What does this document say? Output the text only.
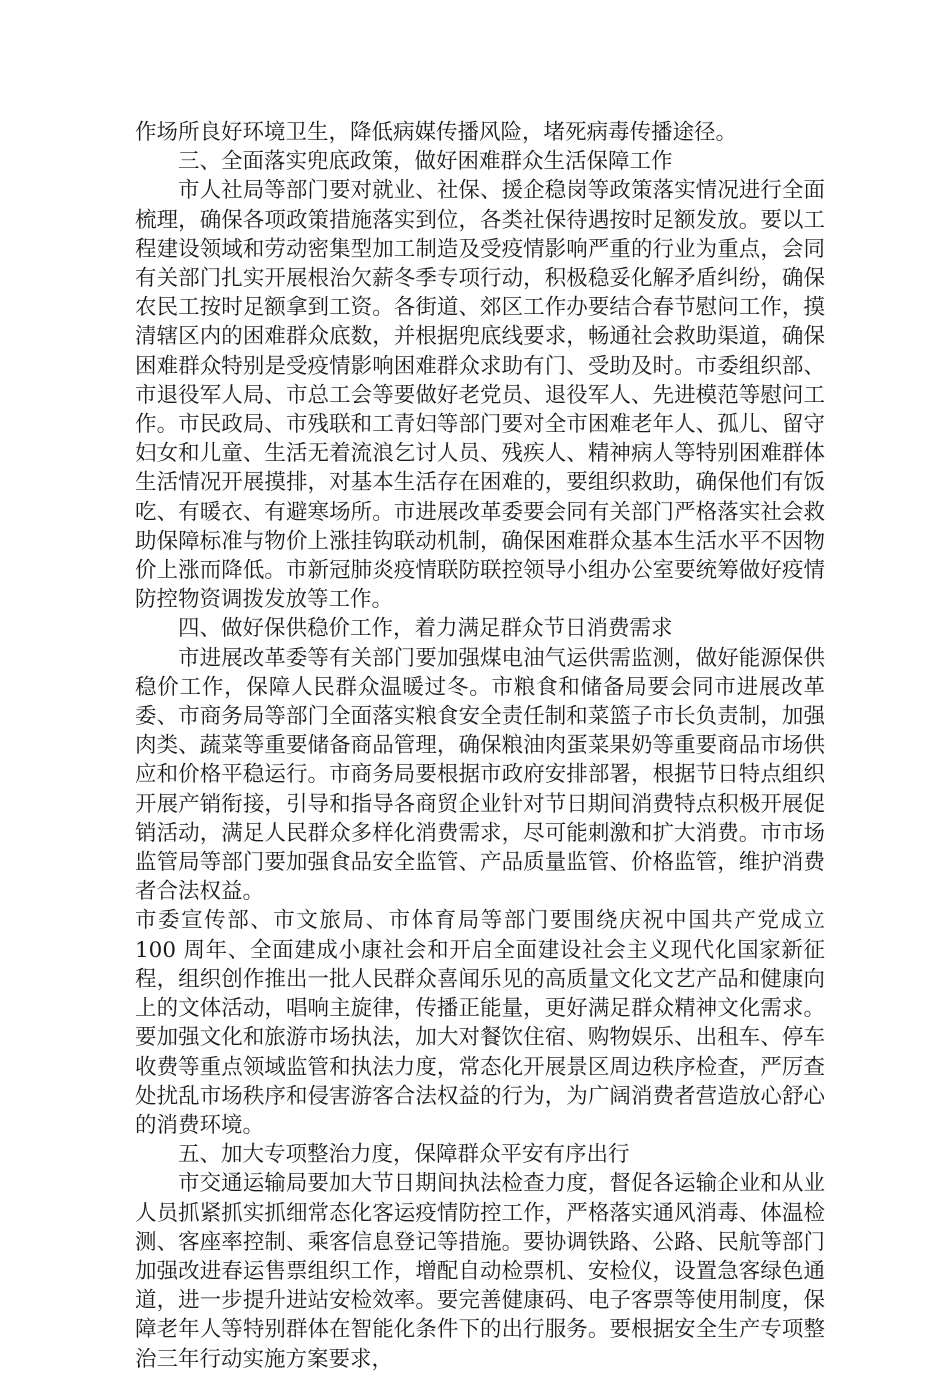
作场所良好环境卫生，降低病媒传播风险，堵死病毒传播途径。

三、全面落实兜底政策，做好困难群众生活保障工作

市人社局等部门要对就业、社保、援企稳岗等政策落实情况进行全面梳理，确保各项政策措施落实到位，各类社保待遇按时足额发放。要以工程建设领域和劳动密集型加工制造及受疫情影响严重的行业为重点，会同有关部门扎实开展根治欠薪冬季专项行动，积极稳妥化解矛盾纠纷，确保农民工按时足额拿到工资。各街道、郊区工作办要结合春节慰问工作，摸清辖区内的困难群众底数，并根据兜底线要求，畅通社会救助渠道，确保困难群众特别是受疫情影响困难群众求助有门、受助及时。市委组织部、市退役军人局、市总工会等要做好老党员、退役军人、先进模范等慰问工作。市民政局、市残联和工青妇等部门要对全市困难老年人、孤儿、留守妇女和儿童、生活无着流浪乞讨人员、残疾人、精神病人等特别困难群体生活情况开展摸排，对基本生活存在困难的，要组织救助，确保他们有饭吃、有暖衣、有避寒场所。市进展改革委要会同有关部门严格落实社会救助保障标准与物价上涨挂钩联动机制，确保困难群众基本生活水平不因物价上涨而降低。市新冠肺炎疫情联防联控领导小组办公室要统筹做好疫情防控物资调拨发放等工作。

四、做好保供稳价工作，着力满足群众节日消费需求

市进展改革委等有关部门要加强煤电油气运供需监测，做好能源保供稳价工作，保障人民群众温暖过冬。市粮食和储备局要会同市进展改革委、市商务局等部门全面落实粮食安全责任制和菜篮子市长负责制，加强肉类、蔬菜等重要储备商品管理，确保粮油肉蛋菜果奶等重要商品市场供应和价格平稳运行。市商务局要根据市政府安排部署，根据节日特点组织开展产销衔接，引导和指导各商贸企业针对节日期间消费特点积极开展促销活动，满足人民群众多样化消费需求，尽可能刺激和扩大消费。市市场监管局等部门要加强食品安全监管、产品质量监管、价格监管，维护消费者合法权益。

市委宣传部、市文旅局、市体育局等部门要围绕庆祝中国共产党成立 100 周年、全面建成小康社会和开启全面建设社会主义现代化国家新征程，组织创作推出一批人民群众喜闻乐见的高质量文化文艺产品和健康向上的文体活动，唱响主旋律，传播正能量，更好满足群众精神文化需求。要加强文化和旅游市场执法，加大对餐饮住宿、购物娱乐、出租车、停车收费等重点领域监管和执法力度，常态化开展景区周边秩序检查，严厉查处扰乱市场秩序和侵害游客合法权益的行为，为广阔消费者营造放心舒心的消费环境。

五、加大专项整治力度，保障群众平安有序出行

市交通运输局要加大节日期间执法检查力度，督促各运输企业和从业人员抓紧抓实抓细常态化客运疫情防控工作，严格落实通风消毒、体温检测、客座率控制、乘客信息登记等措施。要协调铁路、公路、民航等部门加强改进春运售票组织工作，增配自动检票机、安检仪，设置急客绿色通道，进一步提升进站安检效率。要完善健康码、电子客票等使用制度，保障老年人等特别群体在智能化条件下的出行服务。要根据安全生产专项整治三年行动实施方案要求，
